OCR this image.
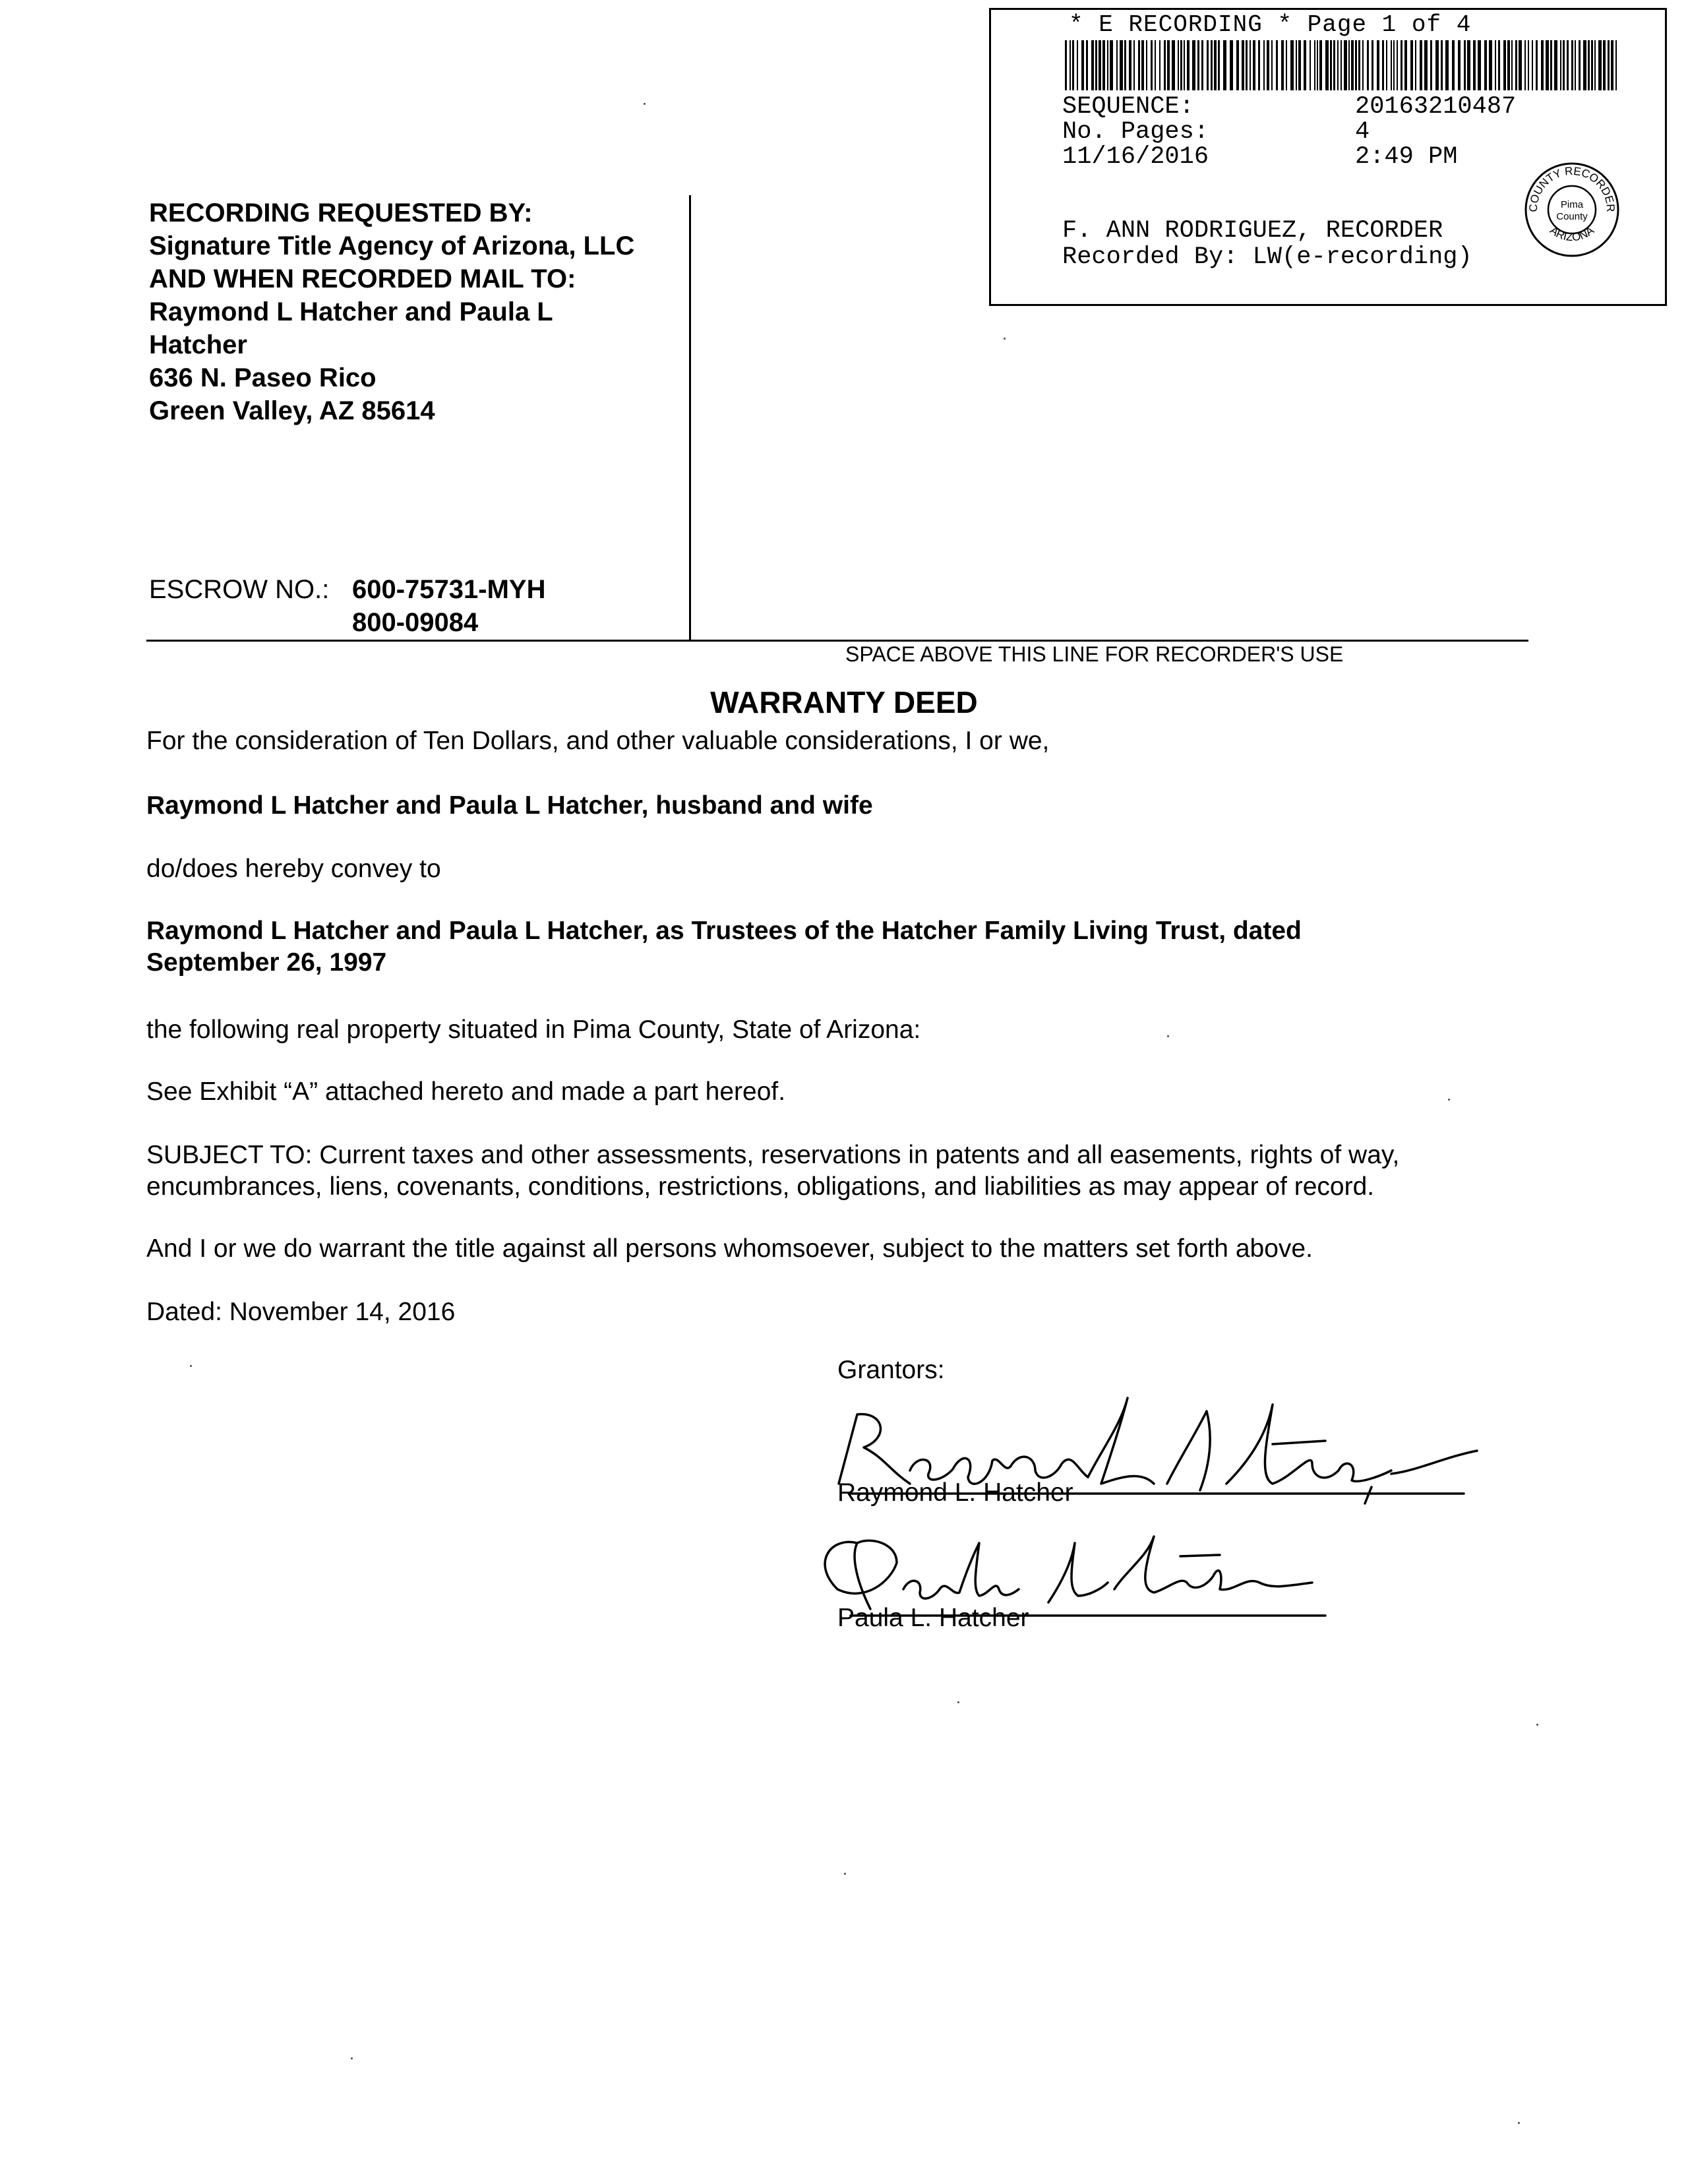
* E RECORDING * Page 1 of 4
SEQUENCE:	20163210487
No. Pages:	4
11/16/2016	2:49 PM
F. ANN RODRIGUEZ, RECORDER
Recorded By: LW(e-recording)
COUNTY RECORDER
ARIZONA
Pima
County
RECORDING REQUESTED BY:
Signature Title Agency of Arizona, LLC
AND WHEN RECORDED MAIL TO:
Raymond L Hatcher and Paula L
Hatcher
636 N. Paseo Rico
Green Valley, AZ 85614
ESCROW NO.: 600-75731-MYH
800-09084
SPACE ABOVE THIS LINE FOR RECORDER'S USE
WARRANTY DEED
For the consideration of Ten Dollars, and other valuable considerations, I or we,
Raymond L Hatcher and Paula L Hatcher, husband and wife
do/does hereby convey to
Raymond L Hatcher and Paula L Hatcher, as Trustees of the Hatcher Family Living Trust, dated
September 26, 1997
the following real property situated in Pima County, State of Arizona:
See Exhibit “A” attached hereto and made a part hereof.
SUBJECT TO: Current taxes and other assessments, reservations in patents and all easements, rights of way,
encumbrances, liens, covenants, conditions, restrictions, obligations, and liabilities as may appear of record.
And I or we do warrant the title against all persons whomsoever, subject to the matters set forth above.
Dated: November 14, 2016
Grantors:
Raymond L. Hatcher
Paula L. Hatcher
